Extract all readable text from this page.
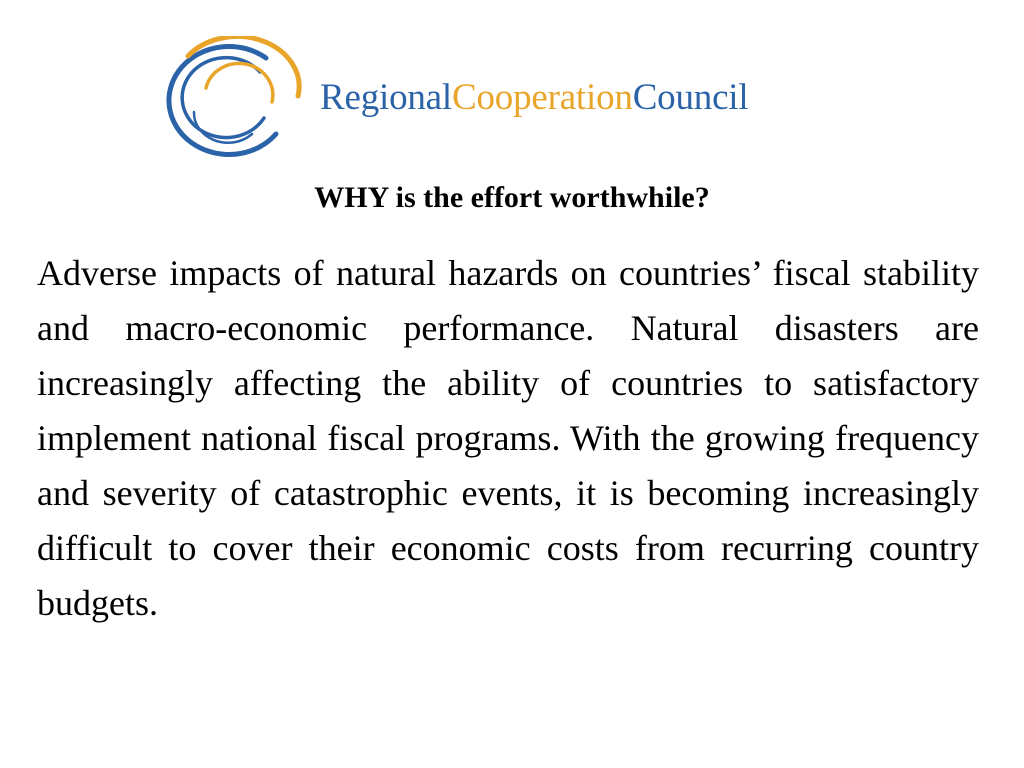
RegionalCooperationCouncil
WHY is the effort worthwhile?

Adverse impacts of natural hazards on countries’ fiscal stability and macro-economic performance. Natural disasters are increasingly affecting the ability of countries to satisfactory implement national fiscal programs. With the growing frequency and severity of catastrophic events, it is becoming increasingly difficult to cover their economic costs from recurring country budgets.
